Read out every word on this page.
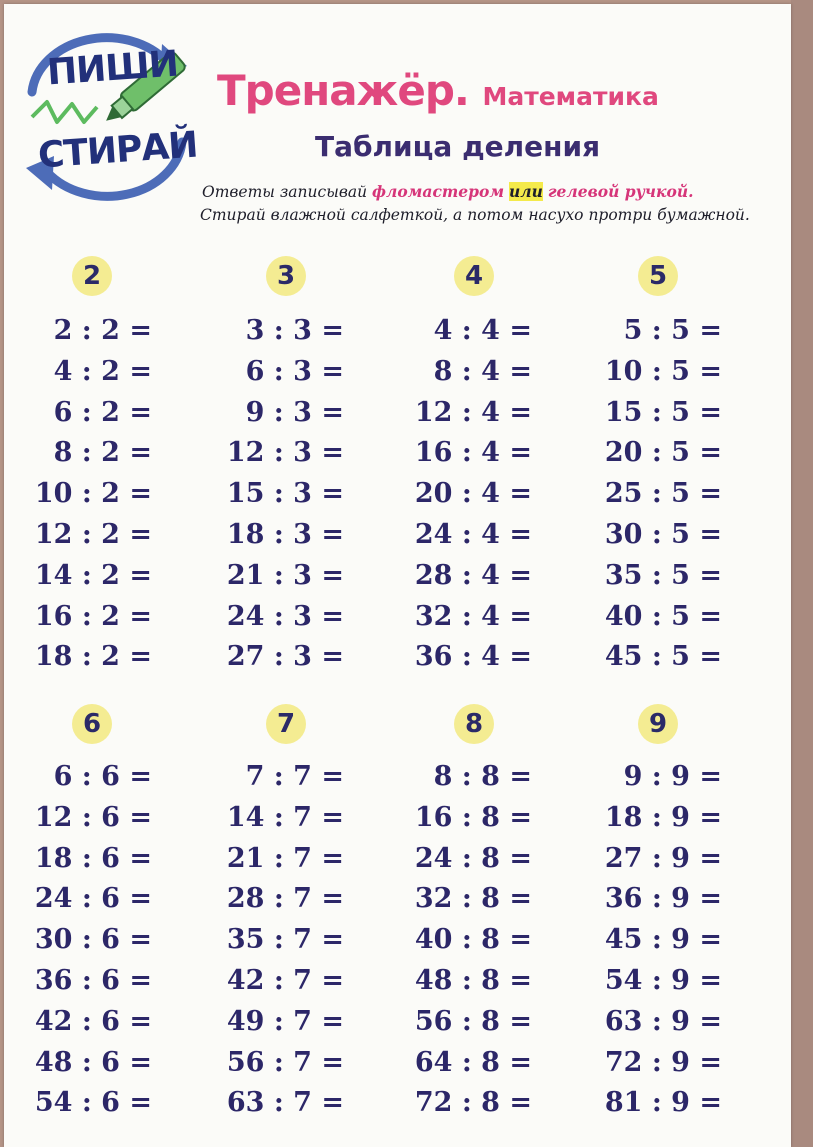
ПИШИ
СТИРАЙ
Тренажёр. Математика
Таблица деления
Ответы записывай фломастером или гелевой ручкой.
Стирай влажной салфеткой, а потом насухо протри бумажной.
2
2 : 2 =
4 : 2 =
6 : 2 =
8 : 2 =
10 : 2 =
12 : 2 =
14 : 2 =
16 : 2 =
18 : 2 =
3
3 : 3 =
6 : 3 =
9 : 3 =
12 : 3 =
15 : 3 =
18 : 3 =
21 : 3 =
24 : 3 =
27 : 3 =
4
4 : 4 =
8 : 4 =
12 : 4 =
16 : 4 =
20 : 4 =
24 : 4 =
28 : 4 =
32 : 4 =
36 : 4 =
5
5 : 5 =
10 : 5 =
15 : 5 =
20 : 5 =
25 : 5 =
30 : 5 =
35 : 5 =
40 : 5 =
45 : 5 =
6
6 : 6 =
12 : 6 =
18 : 6 =
24 : 6 =
30 : 6 =
36 : 6 =
42 : 6 =
48 : 6 =
54 : 6 =
7
7 : 7 =
14 : 7 =
21 : 7 =
28 : 7 =
35 : 7 =
42 : 7 =
49 : 7 =
56 : 7 =
63 : 7 =
8
8 : 8 =
16 : 8 =
24 : 8 =
32 : 8 =
40 : 8 =
48 : 8 =
56 : 8 =
64 : 8 =
72 : 8 =
9
9 : 9 =
18 : 9 =
27 : 9 =
36 : 9 =
45 : 9 =
54 : 9 =
63 : 9 =
72 : 9 =
81 : 9 =
